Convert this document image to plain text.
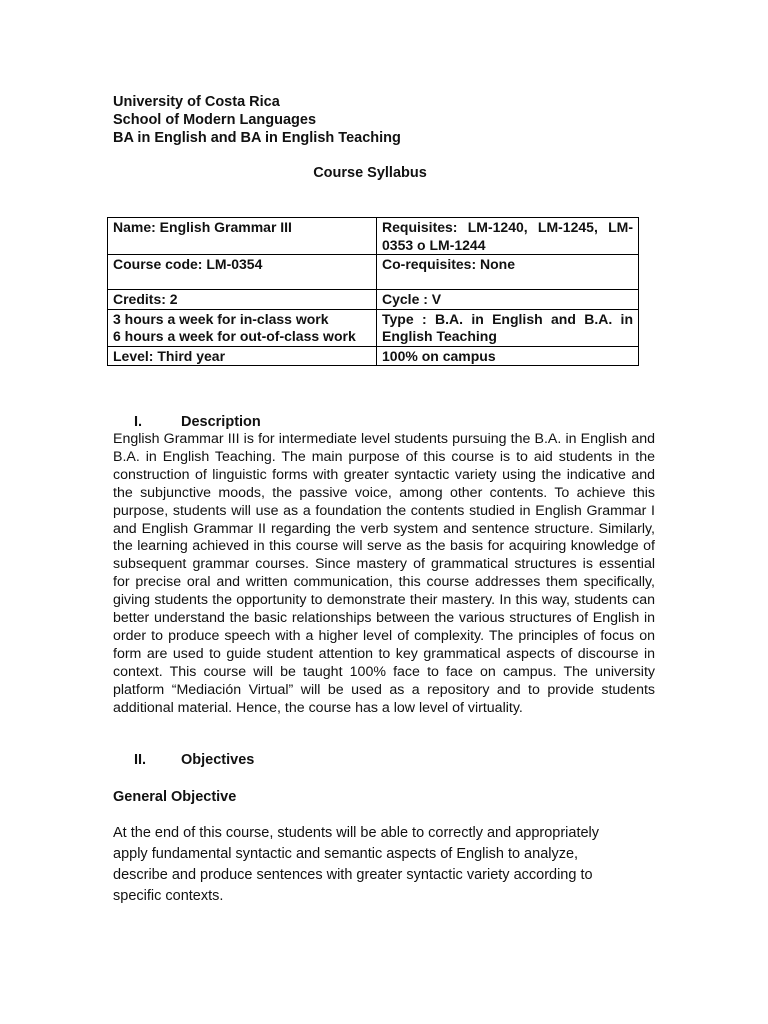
University of Costa Rica
School of Modern Languages
BA in English and BA in English Teaching
Course Syllabus
Name: English Grammar III	Requisites: LM-1240, LM-1245, LM-0353 o LM-1244
Course code: LM-0354	Co-requisites: None
Credits: 2	Cycle : V

3 hours a week for in-class work
6 hours a week for out-of-class work	Type : B.A. in English and B.A. in English Teaching
Level: Third year	100% on campus
I.	Description
English Grammar III is for intermediate level students pursuing the B.A. in English and B.A. in English Teaching. The main purpose of this course is to aid students in the construction of linguistic forms with greater syntactic variety using the indicative and the subjunctive moods, the passive voice, among other contents. To achieve this purpose, students will use as a foundation the contents studied in English Grammar I and English Grammar II regarding the verb system and sentence structure. Similarly, the learning achieved in this course will serve as the basis for acquiring knowledge of subsequent grammar courses. Since mastery of grammatical structures is essential for precise oral and written communication, this course addresses them specifically, giving students the opportunity to demonstrate their mastery. In this way, students can better understand the basic relationships between the various structures of English in order to produce speech with a higher level of complexity. The principles of focus on form are used to guide student attention to key grammatical aspects of discourse in context. This course will be taught 100% face to face on campus. The university platform “Mediación Virtual” will be used as a repository and to provide students additional material. Hence, the course has a low level of virtuality.
II. Objectives
General Objective
At the end of this course, students will be able to correctly and appropriately apply fundamental syntactic and semantic aspects of English to analyze, describe and produce sentences with greater syntactic variety according to specific contexts.
